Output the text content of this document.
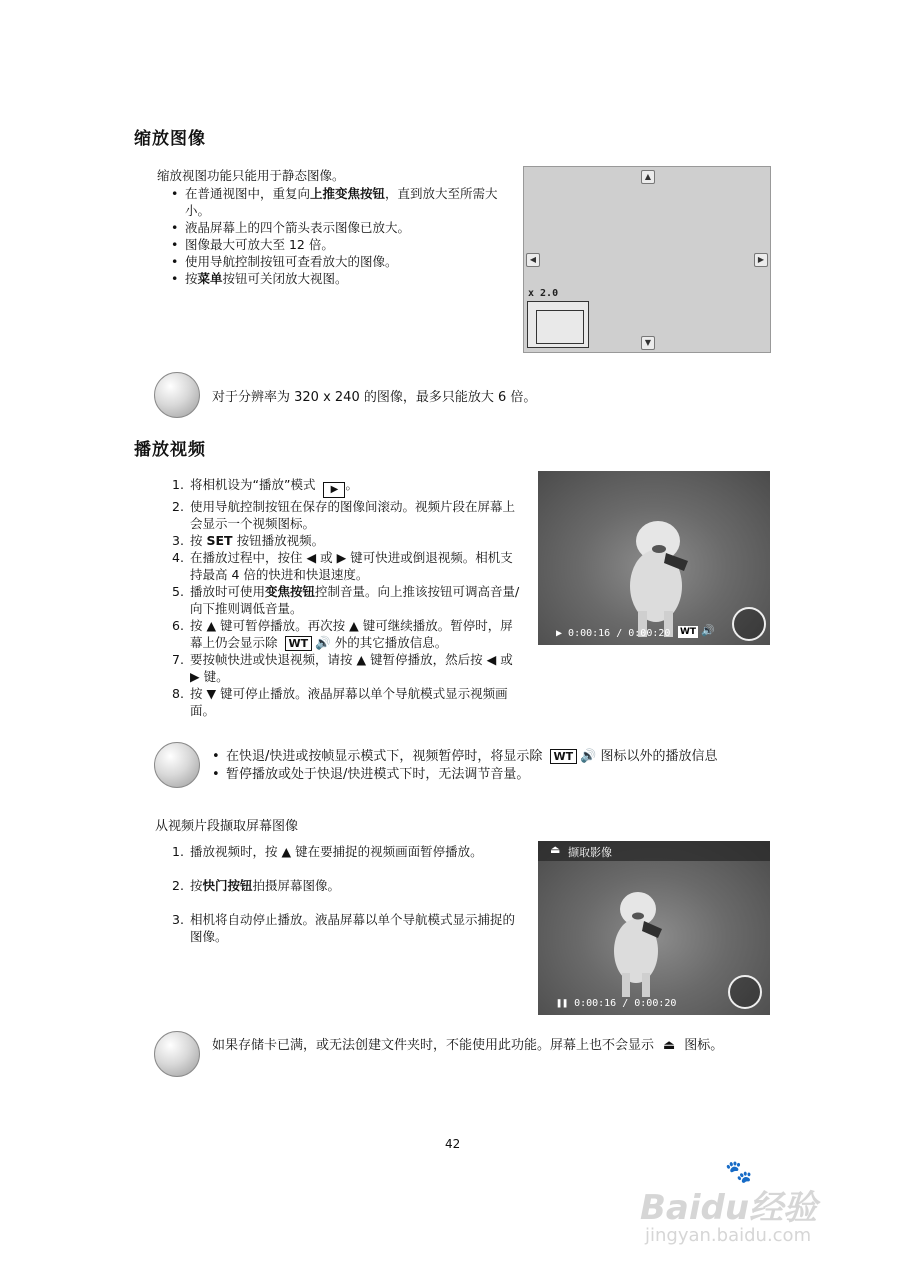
缩放图像
缩放视图功能只能用于静态图像。
• 在普通视图中，重复向上推变焦按钮，直到放大至所需大小。
• 液晶屏幕上的四个箭头表示图像已放大。
• 图像最大可放大至 12 倍。
• 使用导航控制按钮可查看放大的图像。
• 按菜单按钮可关闭放大视图。
▲
▼
◀	▶
x 2.0
对于分辨率为 320 x 240 的图像，最多只能放大 6 倍。
播放视频
1. 将相机设为“播放”模式 ▶ 。
2. 使用导航控制按钮在保存的图像间滚动。视频片段在屏幕上会显示一个视频图标。
3. 按 SET 按钮播放视频。
4. 在播放过程中，按住 ◀ 或 ▶ 键可快进或倒退视频。相机支持最高 4 倍的快进和快退速度。
5. 播放时可使用变焦按钮控制音量。向上推该按钮可调高音量/向下推则调低音量。
6. 按 ▲ 键可暂停播放。再次按 ▲ 键可继续播放。暂停时，屏幕上仍会显示除 WT 🔊 外的其它播放信息。
7. 要按帧快进或快退视频，请按 ▲ 键暂停播放，然后按 ◀ 或 ▶ 键。
8. 按 ▼ 键可停止播放。液晶屏幕以单个导航模式显示视频画面。
▶ 0:00:16 / 0:00:20 WT 🔊
• 在快退/快进或按帧显示模式下，视频暂停时，将显示除 WT 🔊 图标以外的播放信息
• 暂停播放或处于快退/快进模式下时，无法调节音量。
从视频片段撷取屏幕图像
1. 播放视频时，按 ▲ 键在要捕捉的视频画面暂停播放。
2. 按快门按钮拍摄屏幕图像。
3. 相机将自动停止播放。液晶屏幕以单个导航模式显示捕捉的图像。
⏏ 撷取影像
❚❚ 0:00:16 / 0:00:20
如果存储卡已满，或无法创建文件夹时，不能使用此功能。屏幕上也不会显示 ⏏ 图标。
42
🐾
Baidu经验
jingyan.baidu.com
